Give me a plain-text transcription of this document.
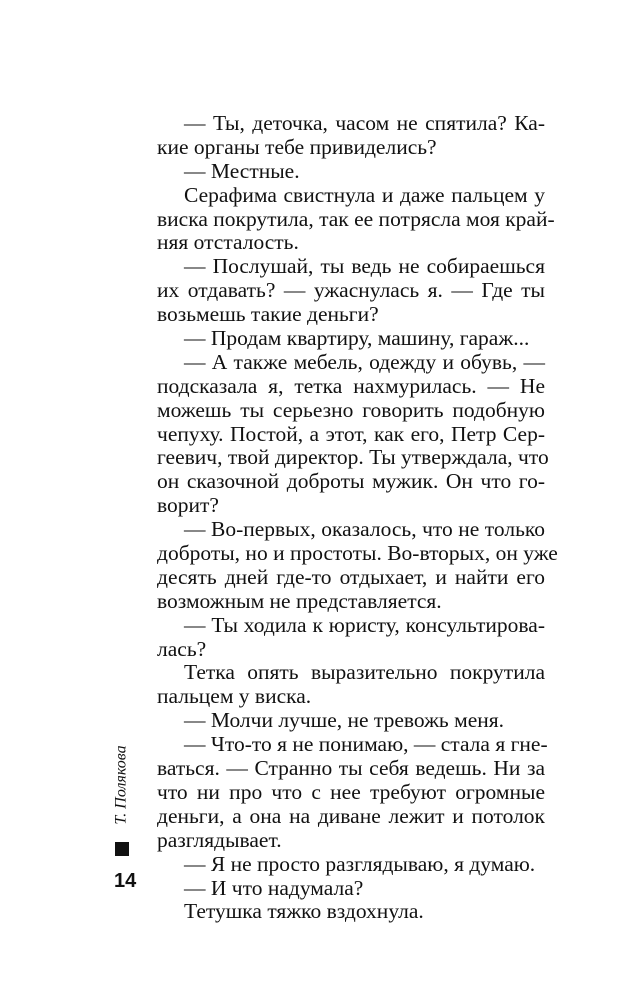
— Ты, деточка, часом не спятила? Ка-
кие органы тебе привиделись?
— Местные.
Серафима свистнула и даже пальцем у
виска покрутила, так ее потрясла моя край-
няя отсталость.
— Послушай, ты ведь не собираешься
их отдавать? — ужаснулась я. — Где ты
возьмешь такие деньги?
— Продам квартиру, машину, гараж...
— А также мебель, одежду и обувь, —
подсказала я, тетка нахмурилась. — Не
можешь ты серьезно говорить подобную
чепуху. Постой, а этот, как его, Петр Сер-
геевич, твой директор. Ты утверждала, что
он сказочной доброты мужик. Он что го-
ворит?
— Во-первых, оказалось, что не только
доброты, но и простоты. Во-вторых, он уже
десять дней где-то отдыхает, и найти его
возможным не представляется.
— Ты ходила к юристу, консультирова-
лась?
Тетка опять выразительно покрутила
пальцем у виска.
— Молчи лучше, не тревожь меня.
— Что-то я не понимаю, — стала я гне-
ваться. — Странно ты себя ведешь. Ни за
что ни про что с нее требуют огромные
деньги, а она на диване лежит и потолок
разглядывает.
— Я не просто разглядываю, я думаю.
— И что надумала?
Тетушка тяжко вздохнула.
Т. Полякова
14
